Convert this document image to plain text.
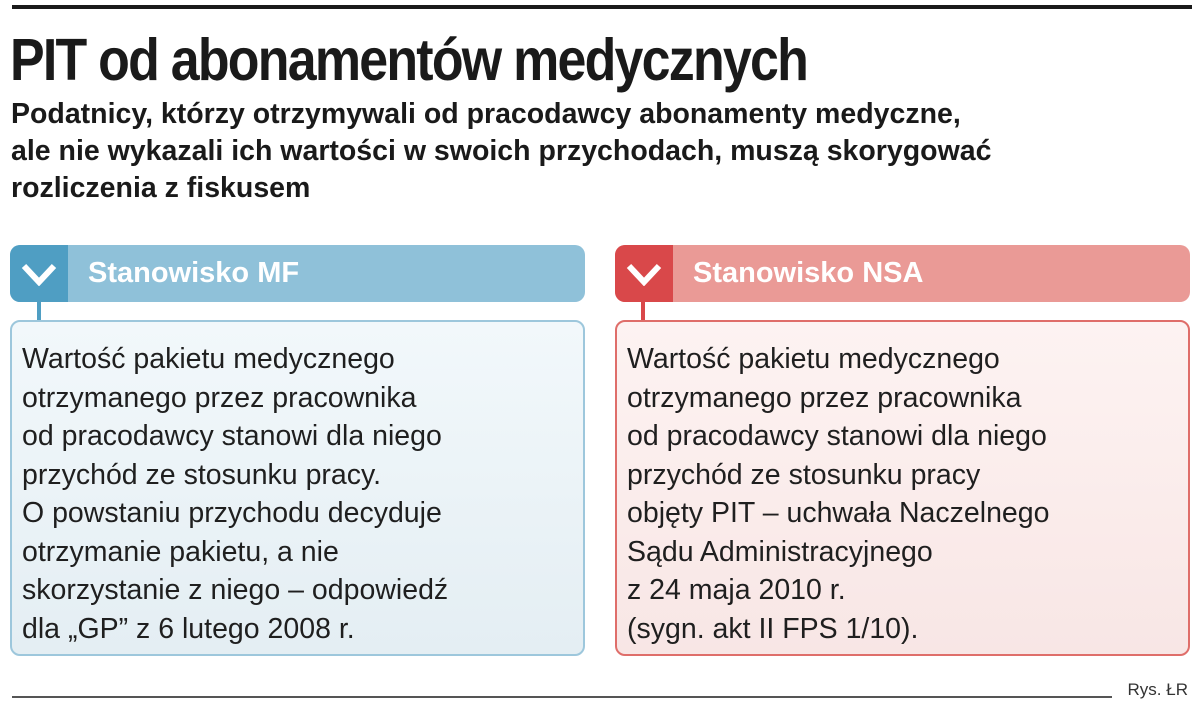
PIT od abonamentów medycznych
Podatnicy, którzy otrzymywali od pracodawcy abonamenty medyczne,
ale nie wykazali ich wartości w swoich przychodach, muszą skorygować
rozliczenia z fiskusem
Stanowisko MF
Wartość pakietu medycznego
otrzymanego przez pracownika
od pracodawcy stanowi dla niego
przychód ze stosunku pracy.
O powstaniu przychodu decyduje
otrzymanie pakietu, a nie
skorzystanie z niego – odpowiedź
dla „GP” z 6 lutego 2008 r.
Stanowisko NSA
Wartość pakietu medycznego
otrzymanego przez pracownika
od pracodawcy stanowi dla niego
przychód ze stosunku pracy
objęty PIT – uchwała Naczelnego
Sądu Administracyjnego
z 24 maja 2010 r.
(sygn. akt II FPS 1/10).
Rys. ŁR
